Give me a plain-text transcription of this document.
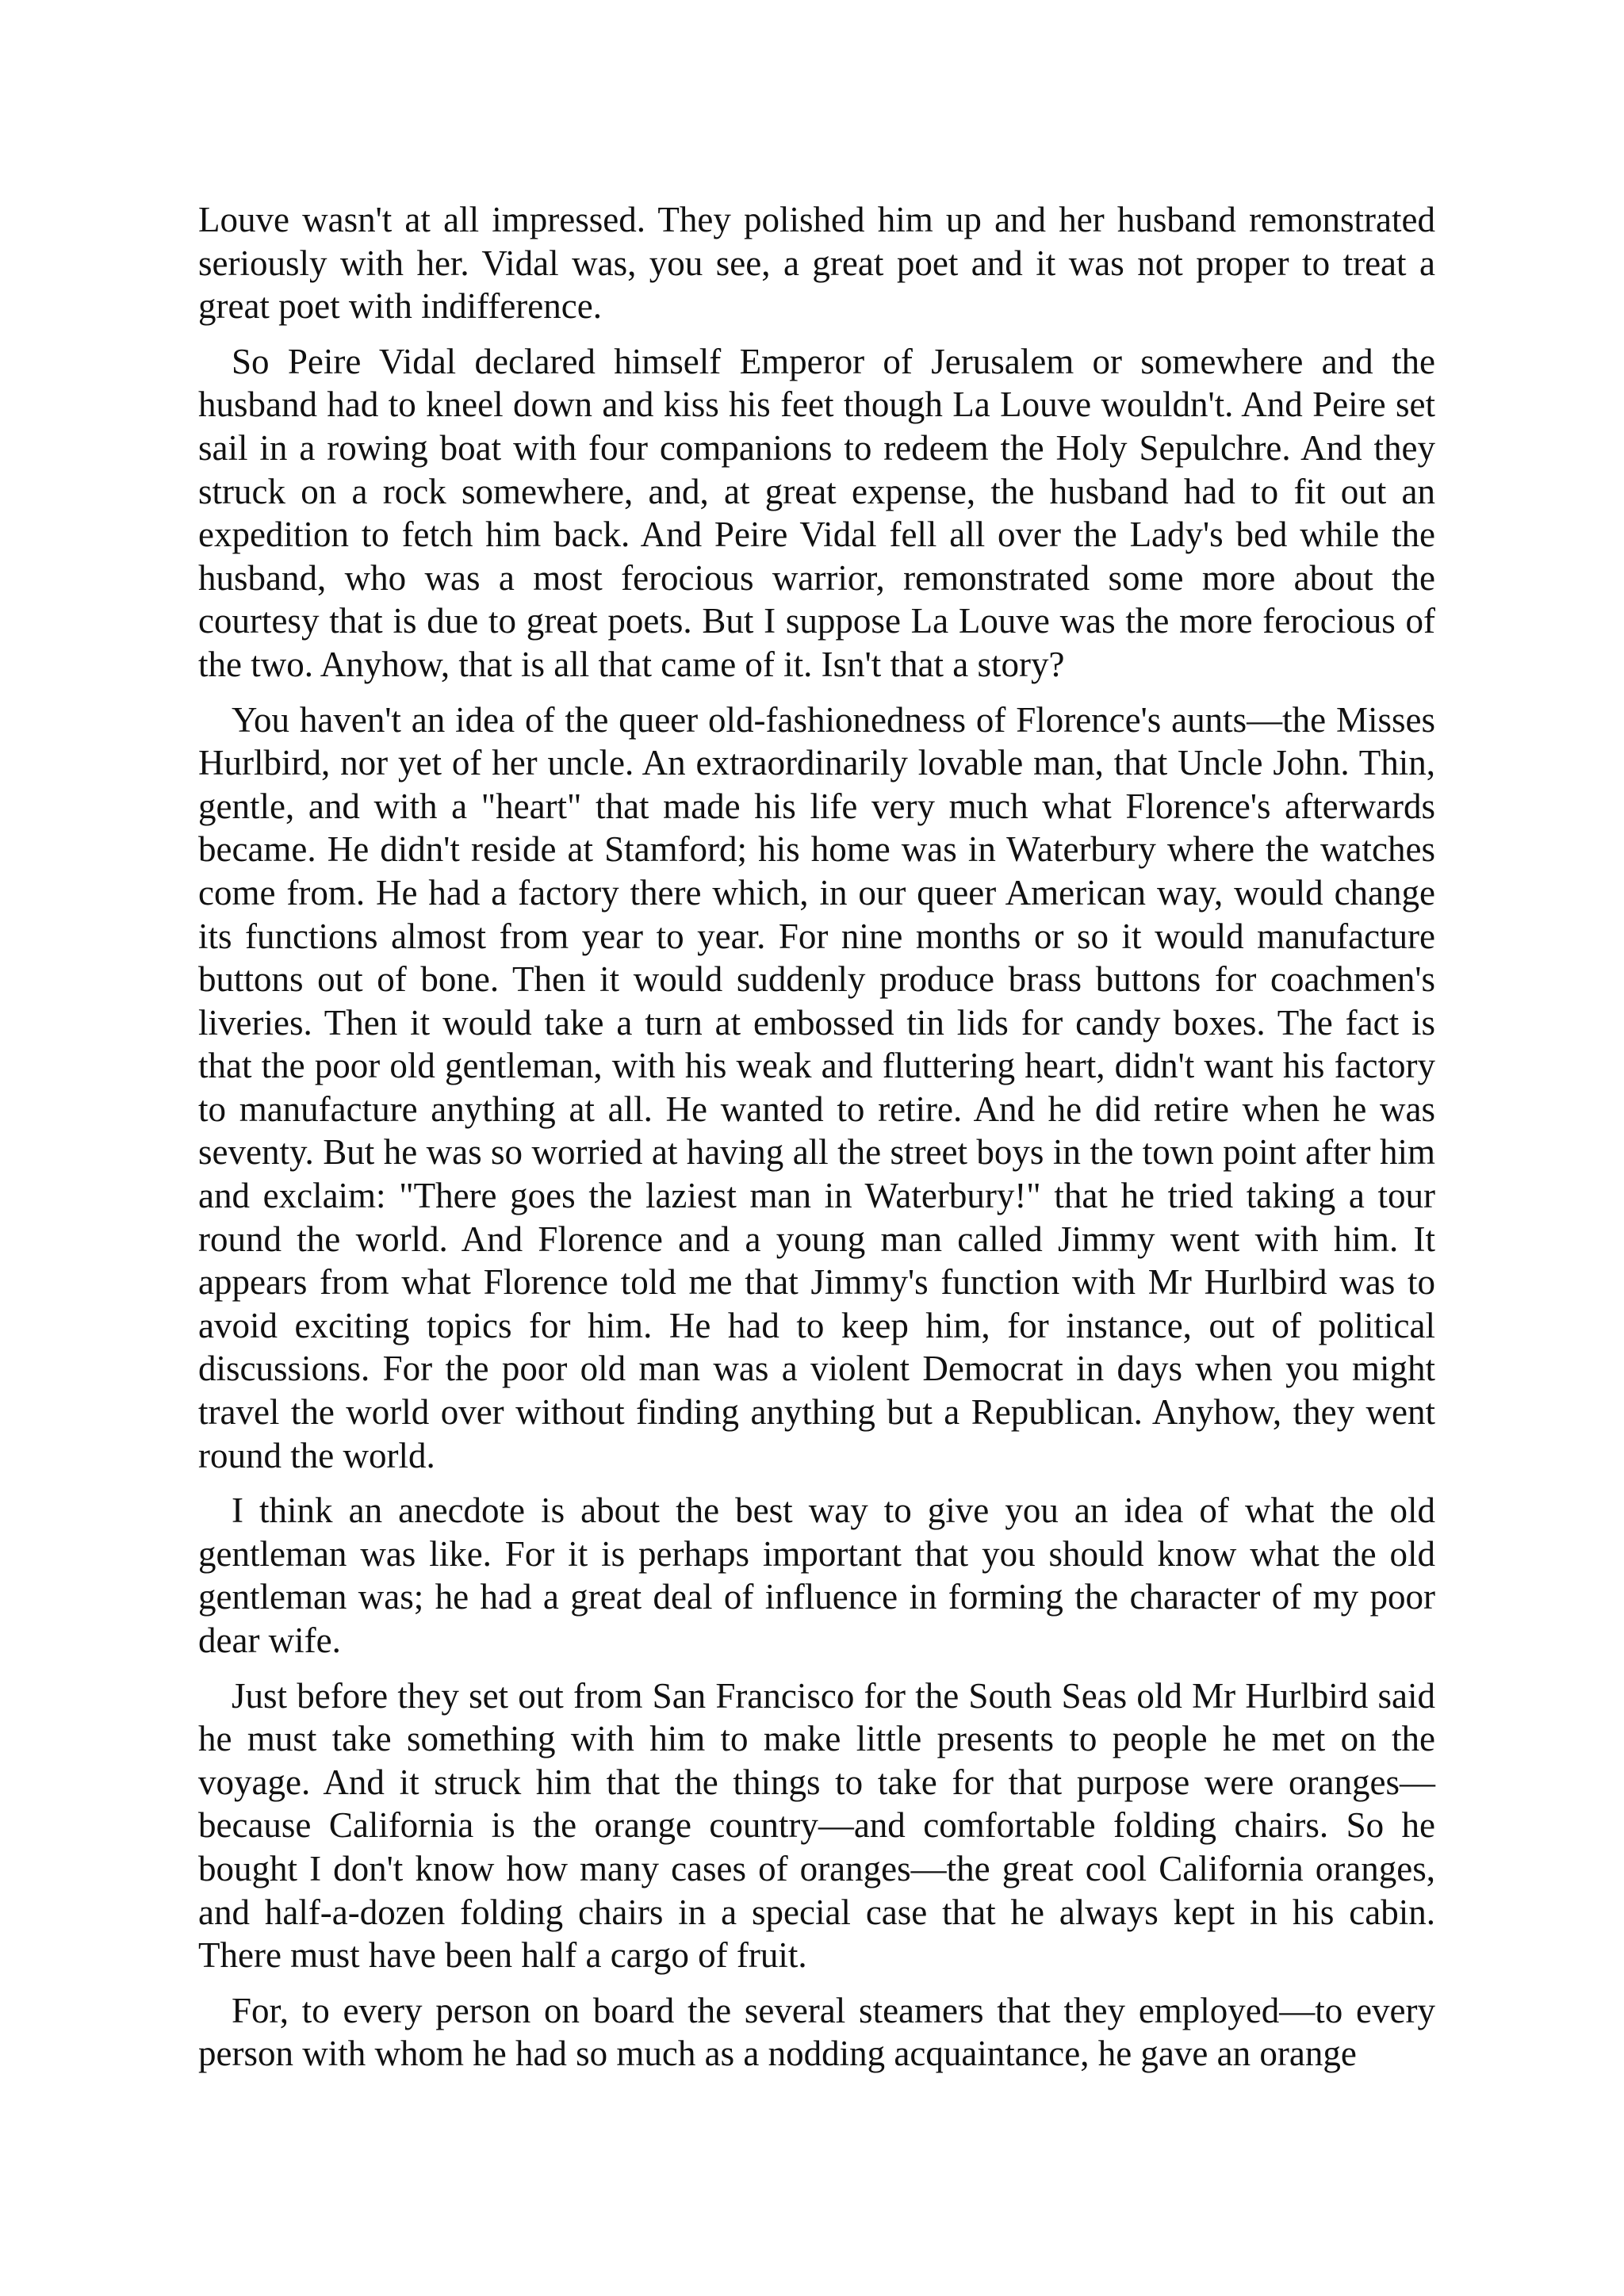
Louve wasn't at all impressed. They polished him up and her husband remonstrated seriously with her. Vidal was, you see, a great poet and it was not proper to treat a great poet with indifference.

So Peire Vidal declared himself Emperor of Jerusalem or somewhere and the husband had to kneel down and kiss his feet though La Louve wouldn't. And Peire set sail in a rowing boat with four companions to redeem the Holy Sepulchre. And they struck on a rock somewhere, and, at great expense, the husband had to fit out an expedition to fetch him back. And Peire Vidal fell all over the Lady's bed while the husband, who was a most ferocious warrior, remonstrated some more about the courtesy that is due to great poets. But I suppose La Louve was the more ferocious of the two. Anyhow, that is all that came of it. Isn't that a story?

You haven't an idea of the queer old-fashionedness of Florence's aunts—the Misses Hurlbird, nor yet of her uncle. An extraordinarily lovable man, that Uncle John. Thin, gentle, and with a "heart" that made his life very much what Florence's afterwards became. He didn't reside at Stamford; his home was in Waterbury where the watches come from. He had a factory there which, in our queer American way, would change its functions almost from year to year. For nine months or so it would manufacture buttons out of bone. Then it would suddenly produce brass buttons for coachmen's liveries. Then it would take a turn at embossed tin lids for candy boxes. The fact is that the poor old gentleman, with his weak and fluttering heart, didn't want his factory to manufacture anything at all. He wanted to retire. And he did retire when he was seventy. But he was so worried at having all the street boys in the town point after him and exclaim: "There goes the laziest man in Waterbury!" that he tried taking a tour round the world. And Florence and a young man called Jimmy went with him. It appears from what Florence told me that Jimmy's function with Mr Hurlbird was to avoid exciting topics for him. He had to keep him, for instance, out of political discussions. For the poor old man was a violent Democrat in days when you might travel the world over without finding anything but a Republican. Anyhow, they went round the world.

I think an anecdote is about the best way to give you an idea of what the old gentleman was like. For it is perhaps important that you should know what the old gentleman was; he had a great deal of influence in forming the character of my poor dear wife.

Just before they set out from San Francisco for the South Seas old Mr Hurlbird said he must take something with him to make little presents to people he met on the voyage. And it struck him that the things to take for that purpose were oranges—because California is the orange country—and comfortable folding chairs. So he bought I don't know how many cases of oranges—the great cool California oranges, and half-a-dozen folding chairs in a special case that he always kept in his cabin. There must have been half a cargo of fruit.

For, to every person on board the several steamers that they employed—to every person with whom he had so much as a nodding acquaintance, he gave an orange
